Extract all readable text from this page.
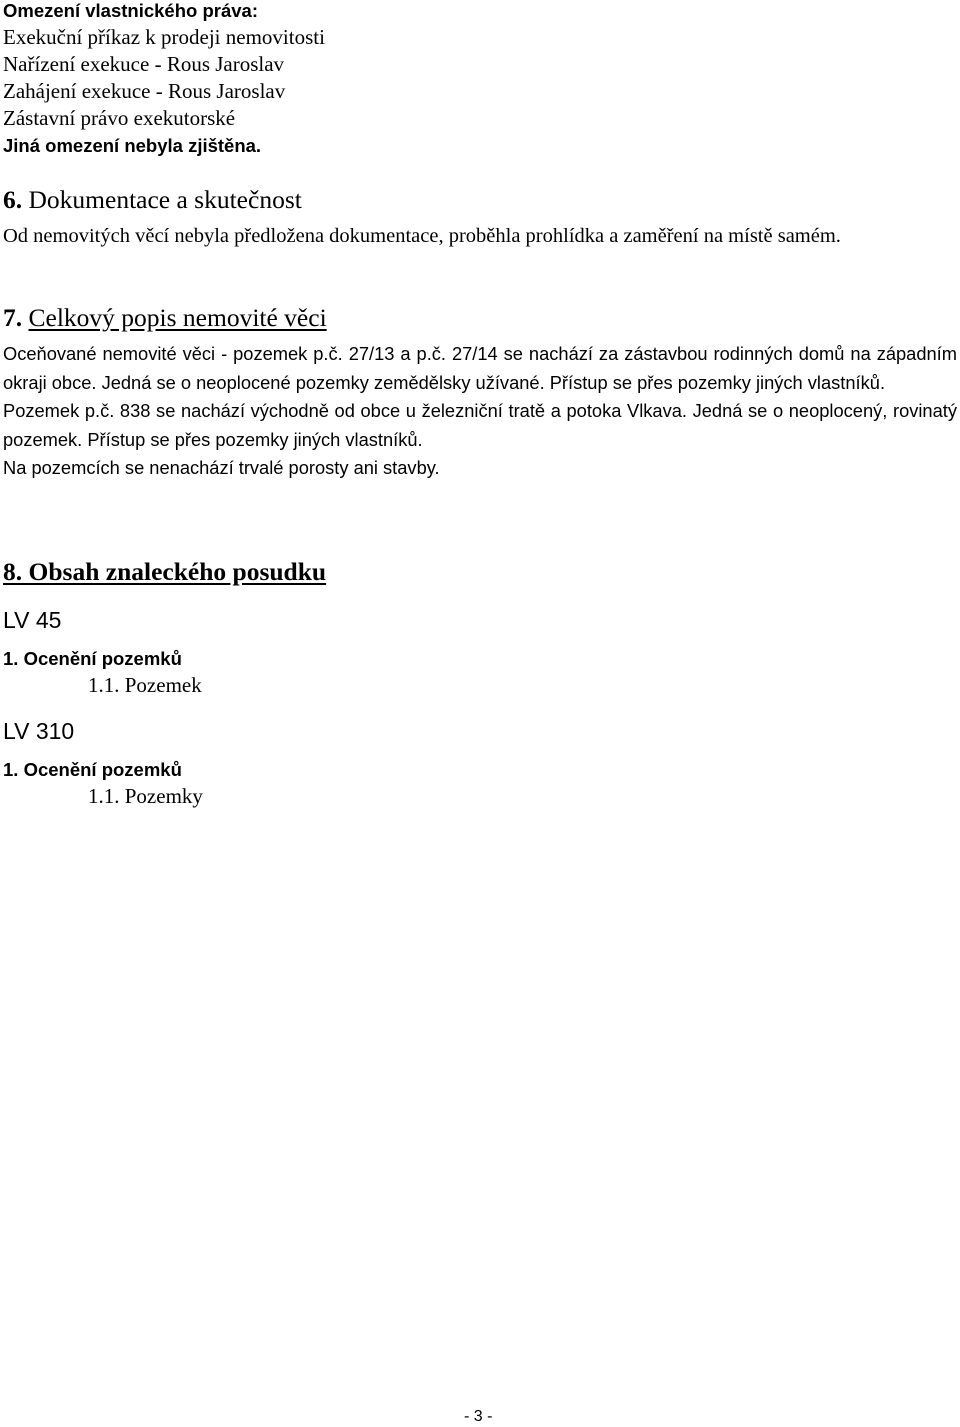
Omezení vlastnického práva:

Exekuční příkaz k prodeji nemovitosti

Nařízení exekuce - Rous Jaroslav

Zahájení exekuce - Rous Jaroslav

Zástavní právo exekutorské

Jiná omezení nebyla zjištěna.

6. Dokumentace a skutečnost

Od nemovitých věcí nebyla předložena dokumentace, proběhla prohlídka a zaměření na místě samém.

7. Celkový popis nemovité věci

Oceňované nemovité věci - pozemek p.č. 27/13 a p.č. 27/14 se nachází za zástavbou rodinných domů na západním okraji obce. Jedná se o neoplocené pozemky zemědělsky užívané. Přístup se přes pozemky jiných vlastníků.

Pozemek p.č. 838 se nachází východně od obce u železniční tratě a potoka Vlkava. Jedná se o neoplocený, rovinatý pozemek. Přístup se přes pozemky jiných vlastníků.

Na pozemcích se nenachází trvalé porosty ani stavby.

8. Obsah znaleckého posudku

LV 45

1. Ocenění pozemků

1.1. Pozemek

LV 310

1. Ocenění pozemků

1.1. Pozemky

- 3 -
